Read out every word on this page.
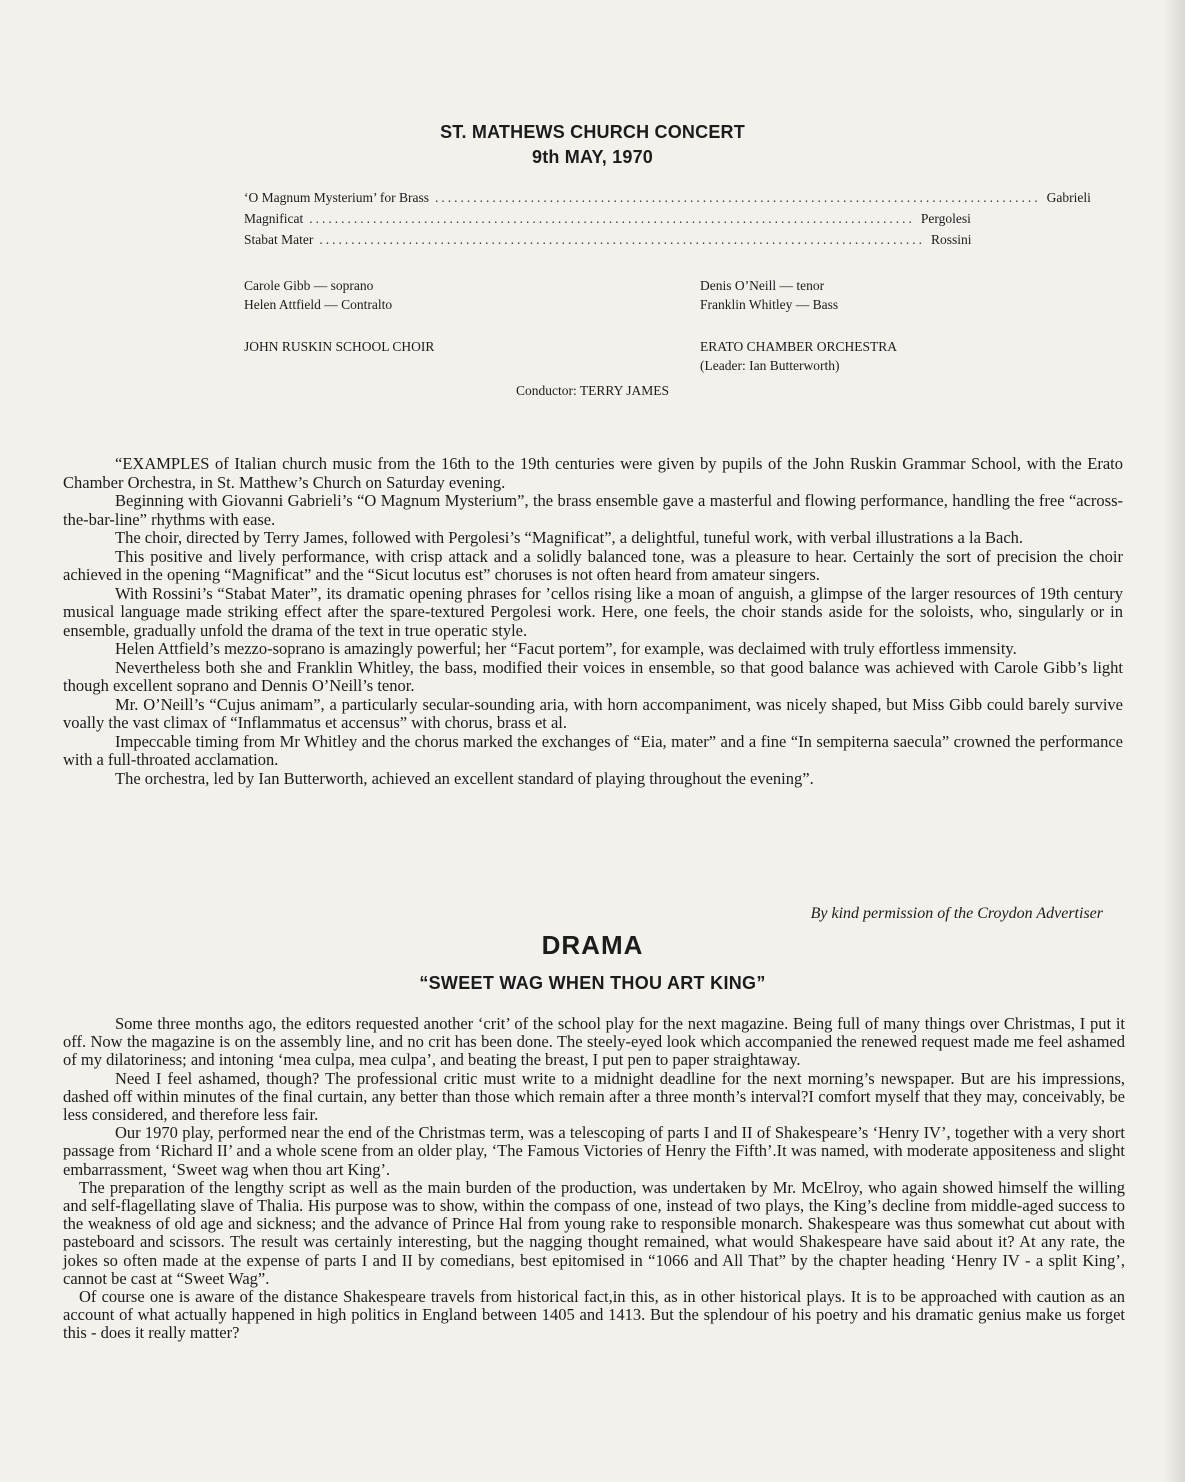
ST. MATHEWS CHURCH CONCERT
9th MAY, 1970
‘O Magnum Mysterium’ for Brass ............................................................................................... Gabrieli
Magnificat ............................................................................................... Pergolesi
Stabat Mater ............................................................................................... Rossini
Carole Gibb — soprano
Helen Attfield — Contralto
Denis O’Neill — tenor
Franklin Whitley — Bass
JOHN RUSKIN SCHOOL CHOIR	ERATO CHAMBER ORCHESTRA
(Leader: Ian Butterworth)
Conductor: TERRY JAMES

“EXAMPLES of Italian church music from the 16th to the 19th centuries were given by pupils of the John Ruskin Grammar School, with the Erato Chamber Orchestra, in St. Matthew’s Church on Saturday evening.

Beginning with Giovanni Gabrieli’s “O Magnum Mysterium”, the brass ensemble gave a masterful and flowing performance, handling the free “across-the-bar-line” rhythms with ease.

The choir, directed by Terry James, followed with Pergolesi’s “Magnificat”, a delightful, tuneful work, with verbal illustrations a la Bach.

This positive and lively performance, with crisp attack and a solidly balanced tone, was a pleasure to hear. Certainly the sort of precision the choir achieved in the opening “Magnificat” and the “Sicut locutus est” choruses is not often heard from amateur singers.

With Rossini’s “Stabat Mater”, its dramatic opening phrases for ’cellos rising like a moan of anguish, a glimpse of the larger resources of 19th century musical language made striking effect after the spare-textured Pergolesi work. Here, one feels, the choir stands aside for the soloists, who, singularly or in ensemble, gradually unfold the drama of the text in true operatic style.

Helen Attfield’s mezzo-soprano is amazingly powerful; her “Facut portem”, for example, was declaimed with truly effortless immensity.

Nevertheless both she and Franklin Whitley, the bass, modified their voices in ensemble, so that good balance was achieved with Carole Gibb’s light though excellent soprano and Dennis O’Neill’s tenor.

Mr. O’Neill’s “Cujus animam”, a particularly secular-sounding aria, with horn accompaniment, was nicely shaped, but Miss Gibb could barely survive voally the vast climax of “Inflammatus et accensus” with chorus, brass et al.

Impeccable timing from Mr Whitley and the chorus marked the exchanges of “Eia, mater” and a fine “In sempiterna saecula” crowned the performance with a full-throated acclamation.

The orchestra, led by Ian Butterworth, achieved an excellent standard of playing throughout the evening”.

By kind permission of the Croydon Advertiser
DRAMA
“SWEET WAG WHEN THOU ART KING”

Some three months ago, the editors requested another ‘crit’ of the school play for the next magazine. Being full of many things over Christmas, I put it off. Now the magazine is on the assembly line, and no crit has been done. The steely-eyed look which accompanied the renewed request made me feel ashamed of my dilatoriness; and intoning ‘mea culpa, mea culpa’, and beating the breast, I put pen to paper straightaway.

Need I feel ashamed, though? The professional critic must write to a midnight deadline for the next morning’s newspaper. But are his impressions, dashed off within minutes of the final curtain, any better than those which remain after a three month’s interval?I comfort myself that they may, conceivably, be less considered, and therefore less fair.

Our 1970 play, performed near the end of the Christmas term, was a telescoping of parts I and II of Shakespeare’s ‘Henry IV’, together with a very short passage from ‘Richard II’ and a whole scene from an older play, ‘The Famous Victories of Henry the Fifth’.It was named, with moderate appositeness and slight embarrassment, ‘Sweet wag when thou art King’.

The preparation of the lengthy script as well as the main burden of the production, was undertaken by Mr. McElroy, who again showed himself the willing and self-flagellating slave of Thalia. His purpose was to show, within the compass of one, instead of two plays, the King’s decline from middle-aged success to the weakness of old age and sickness; and the advance of Prince Hal from young rake to responsible monarch. Shakespeare was thus somewhat cut about with pasteboard and scissors. The result was certainly interesting, but the nagging thought remained, what would Shakespeare have said about it? At any rate, the jokes so often made at the expense of parts I and II by comedians, best epitomised in “1066 and All That” by the chapter heading ‘Henry IV - a split King’, cannot be cast at “Sweet Wag”.

Of course one is aware of the distance Shakespeare travels from historical fact,in this, as in other historical plays. It is to be approached with caution as an account of what actually happened in high politics in England between 1405 and 1413. But the splendour of his poetry and his dramatic genius make us forget this - does it really matter?
